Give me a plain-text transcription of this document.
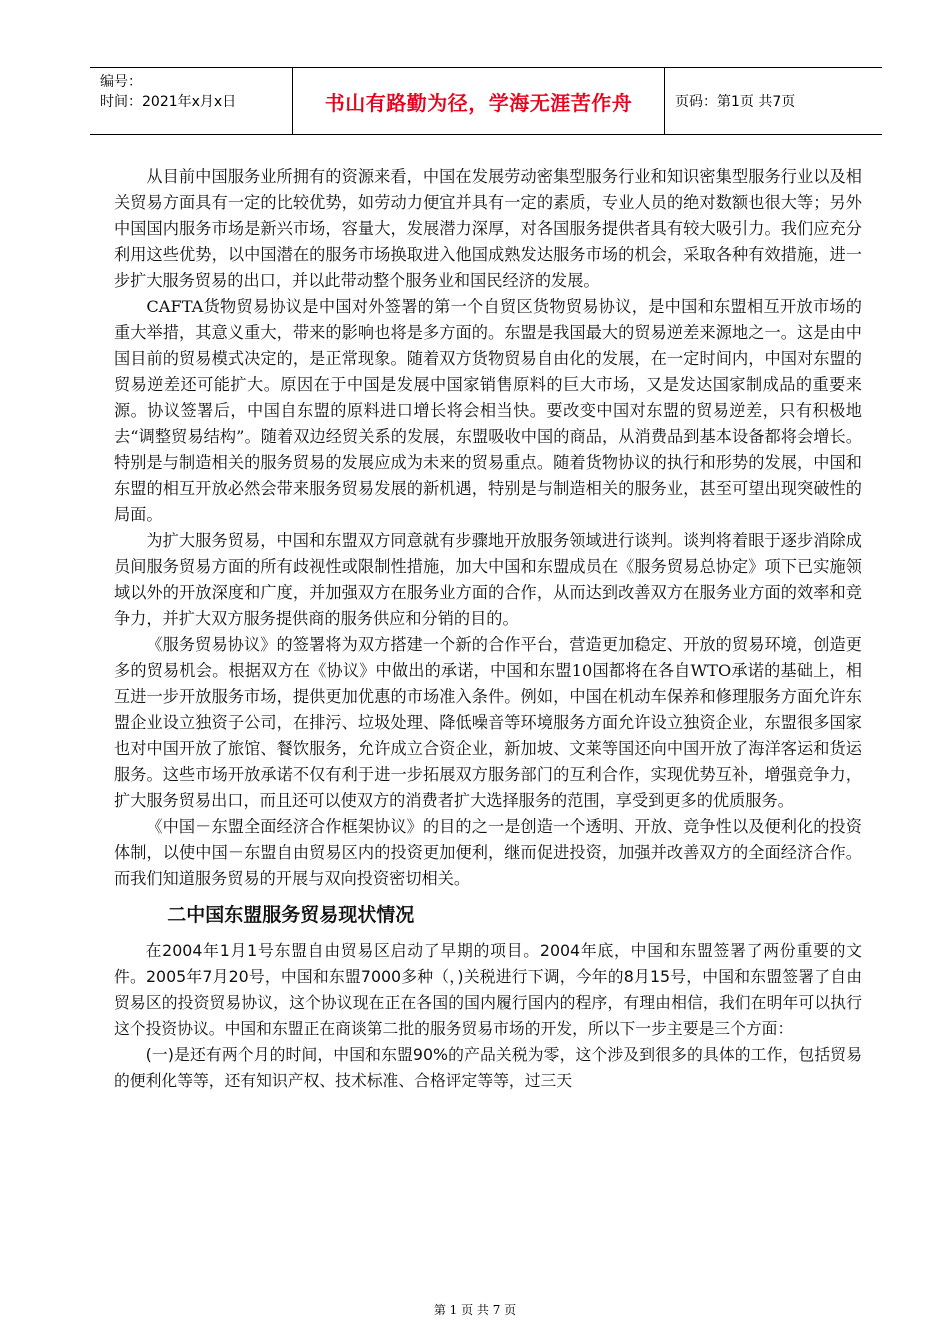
编号：
时间：2021年x月x日	书山有路勤为径，学海无涯苦作舟	页码：第1页 共7页

从目前中国服务业所拥有的资源来看，中国在发展劳动密集型服务行业和知识密集型服务行业以及相关贸易方面具有一定的比较优势，如劳动力便宜并具有一定的素质，专业人员的绝对数额也很大等；另外中国国内服务市场是新兴市场，容量大，发展潜力深厚，对各国服务提供者具有较大吸引力。我们应充分利用这些优势，以中国潜在的服务市场换取进入他国成熟发达服务市场的机会，采取各种有效措施，进一步扩大服务贸易的出口，并以此带动整个服务业和国民经济的发展。

CAFTA货物贸易协议是中国对外签署的第一个自贸区货物贸易协议，是中国和东盟相互开放市场的重大举措，其意义重大，带来的影响也将是多方面的。东盟是我国最大的贸易逆差来源地之一。这是由中国目前的贸易模式决定的，是正常现象。随着双方货物贸易自由化的发展，在一定时间内，中国对东盟的贸易逆差还可能扩大。原因在于中国是发展中国家销售原料的巨大市场，又是发达国家制成品的重要来源。协议签署后，中国自东盟的原料进口增长将会相当快。要改变中国对东盟的贸易逆差，只有积极地去“调整贸易结构”。随着双边经贸关系的发展，东盟吸收中国的商品，从消费品到基本设备都将会增长。特别是与制造相关的服务贸易的发展应成为未来的贸易重点。随着货物协议的执行和形势的发展，中国和东盟的相互开放必然会带来服务贸易发展的新机遇，特别是与制造相关的服务业，甚至可望出现突破性的局面。

为扩大服务贸易，中国和东盟双方同意就有步骤地开放服务领域进行谈判。谈判将着眼于逐步消除成员间服务贸易方面的所有歧视性或限制性措施，加大中国和东盟成员在《服务贸易总协定》项下已实施领域以外的开放深度和广度，并加强双方在服务业方面的合作，从而达到改善双方在服务业方面的效率和竞争力，并扩大双方服务提供商的服务供应和分销的目的。

《服务贸易协议》的签署将为双方搭建一个新的合作平台，营造更加稳定、开放的贸易环境，创造更多的贸易机会。根据双方在《协议》中做出的承诺，中国和东盟10国都将在各自WTO承诺的基础上，相互进一步开放服务市场，提供更加优惠的市场准入条件。例如，中国在机动车保养和修理服务方面允许东盟企业设立独资子公司，在排污、垃圾处理、降低噪音等环境服务方面允许设立独资企业，东盟很多国家也对中国开放了旅馆、餐饮服务，允许成立合资企业，新加坡、文莱等国还向中国开放了海洋客运和货运服务。这些市场开放承诺不仅有利于进一步拓展双方服务部门的互利合作，实现优势互补，增强竞争力，扩大服务贸易出口，而且还可以使双方的消费者扩大选择服务的范围，享受到更多的优质服务。

《中国－东盟全面经济合作框架协议》的目的之一是创造一个透明、开放、竞争性以及便利化的投资体制，以使中国－东盟自由贸易区内的投资更加便利，继而促进投资，加强并改善双方的全面经济合作。而我们知道服务贸易的开展与双向投资密切相关。

二中国东盟服务贸易现状情况

在2004年1月1号东盟自由贸易区启动了早期的项目。2004年底，中国和东盟签署了两份重要的文件。2005年7月20号，中国和东盟7000多种（，)关税进行下调，今年的8月15号，中国和东盟签署了自由贸易区的投资贸易协议，这个协议现在正在各国的国内履行国内的程序，有理由相信，我们在明年可以执行这个投资协议。中国和东盟正在商谈第二批的服务贸易市场的开发，所以下一步主要是三个方面：

(一)是还有两个月的时间，中国和东盟90%的产品关税为零，这个涉及到很多的具体的工作，包括贸易的便利化等等，还有知识产权、技术标准、合格评定等等，过三天

第 1 页 共 7 页
